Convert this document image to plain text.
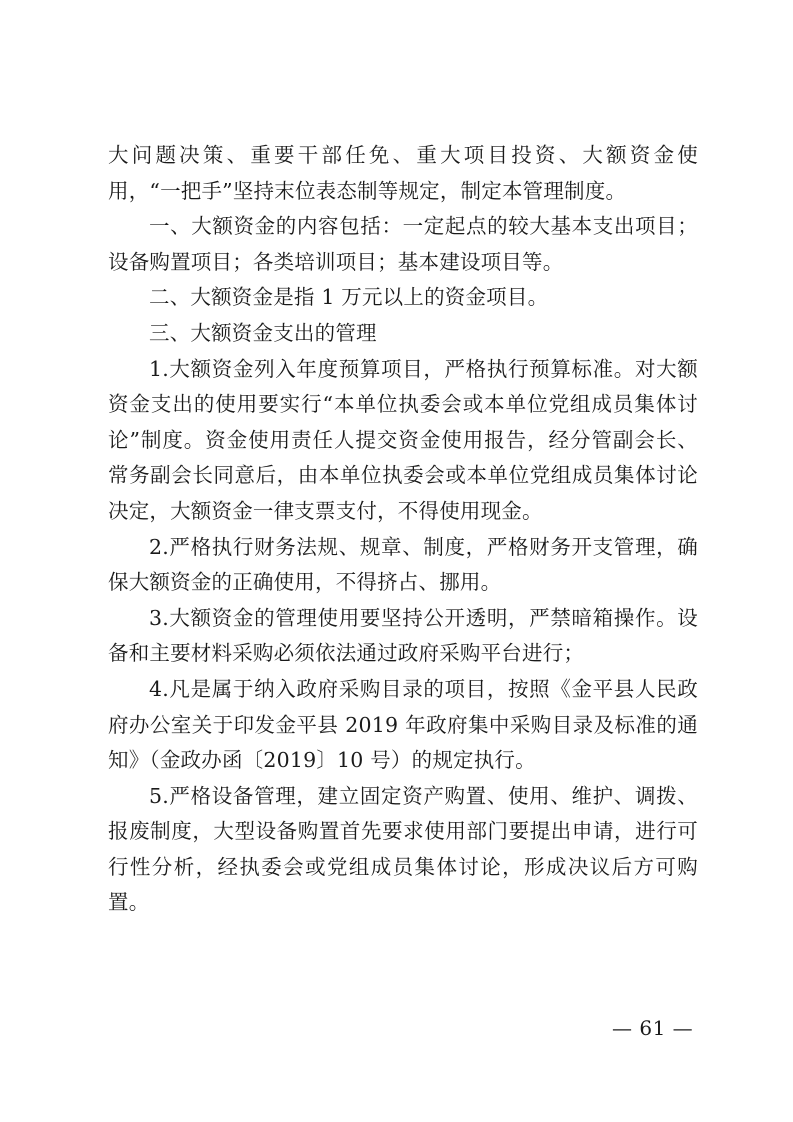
大问题决策、重要干部任免、重大项目投资、大额资金使用，“一把手”坚持末位表态制等规定，制定本管理制度。

一、大额资金的内容包括：一定起点的较大基本支出项目；设备购置项目；各类培训项目；基本建设项目等。

二、大额资金是指 1 万元以上的资金项目。

三、大额资金支出的管理

1.大额资金列入年度预算项目，严格执行预算标准。对大额资金支出的使用要实行“本单位执委会或本单位党组成员集体讨论”制度。资金使用责任人提交资金使用报告，经分管副会长、常务副会长同意后，由本单位执委会或本单位党组成员集体讨论决定，大额资金一律支票支付，不得使用现金。

2.严格执行财务法规、规章、制度，严格财务开支管理，确保大额资金的正确使用，不得挤占、挪用。

3.大额资金的管理使用要坚持公开透明，严禁暗箱操作。设备和主要材料采购必须依法通过政府采购平台进行；

4.凡是属于纳入政府采购目录的项目，按照《金平县人民政府办公室关于印发金平县 2019 年政府集中采购目录及标准的通知》（金政办函〔2019〕10 号）的规定执行。

5.严格设备管理，建立固定资产购置、使用、维护、调拨、报废制度，大型设备购置首先要求使用部门要提出申请，进行可行性分析，经执委会或党组成员集体讨论，形成决议后方可购置。

— 61 —
